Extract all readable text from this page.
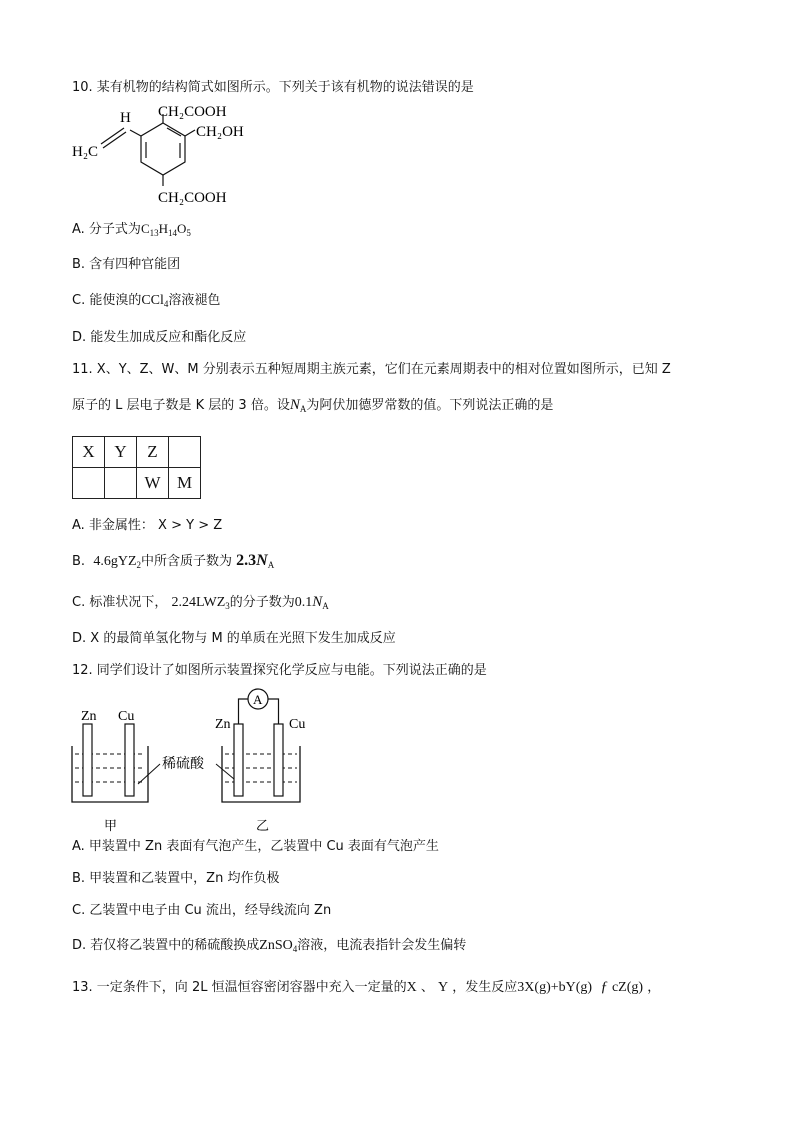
10. 某有机物的结构简式如图所示。下列关于该有机物的说法错误的是
H
H₂C
CH₂COOH
CH₂OH
CH₂COOH
A. 分子式为$C_{13}H_{14}O_5$
B. 含有四种官能团
C. 能使溴的CCl$_4$溶液褪色
D. 能发生加成反应和酯化反应
11. X、Y、Z、W、M 分别表示五种短周期主族元素，它们在元素周期表中的相对位置如图所示，已知 Z
原子的 L 层电子数是 K 层的 3 倍。设$N_A$为阿伏加德罗常数的值。下列说法正确的是
X	Y	Z	
		W	M
A. 非金属性： X > Y > Z
B. 4.6gYZ$_2$中所含质子数为 $2.3N_A$
C. 标准状况下， $2.24LWZ_3$的分子数为$0.1N_A$
D. X 的最简单氢化物与 M 的单质在光照下发生加成反应
12. 同学们设计了如图所示装置探究化学反应与电能。下列说法正确的是
Zn Cu
甲
稀硫酸
A
Zn	Cu
乙
A. 甲装置中 Zn 表面有气泡产生，乙装置中 Cu 表面有气泡产生
B. 甲装置和乙装置中，Zn 均作负极
C. 乙装置中电子由 Cu 流出，经导线流向 Zn
D. 若仅将乙装置中的稀硫酸换成ZnSO$_4$溶液，电流表指针会发生偏转
13. 一定条件下，向 2L 恒温恒容密闭容器中充入一定量的X 、 Y ，发生反应3X(g)+bY(g) ƒ cZ(g) ，
